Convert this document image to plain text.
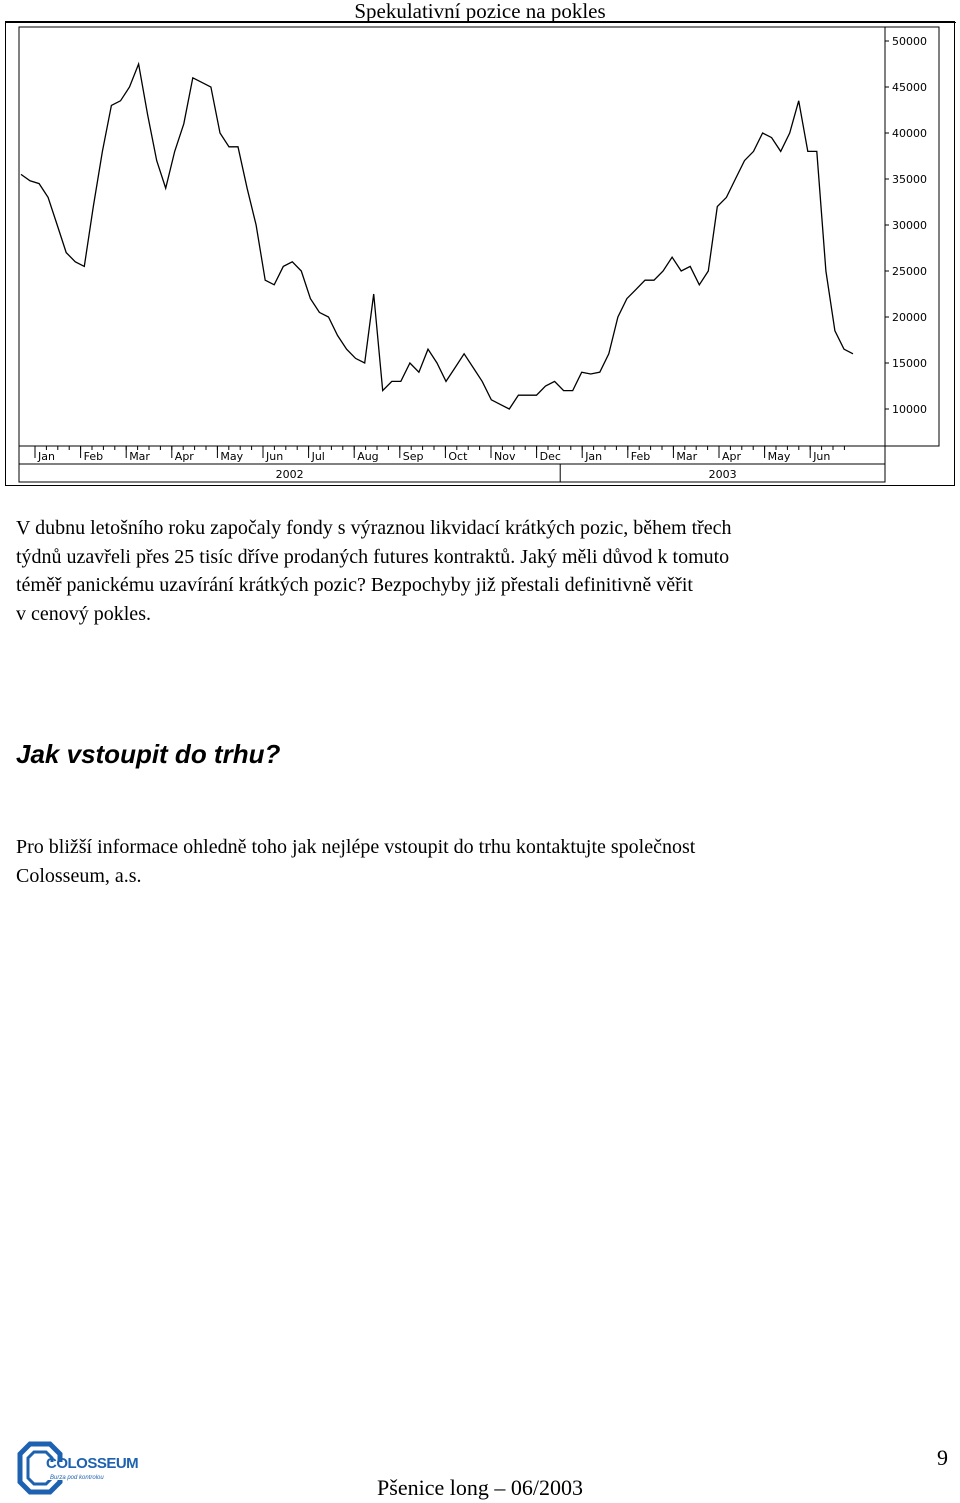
Spekulativní pozice na pokles
50000
45000
40000
35000
30000
25000
20000
15000
10000
Jan	Feb Mar Apr May Jun	Jul	Aug Sep Oct Nov Dec Jan	Feb Mar Apr May Jun
2002	2003

V dubnu letošního roku započaly fondy s výraznou likvidací krátkých pozic, během třech
týdnů uzavřeli přes 25 tisíc dříve prodaných futures kontraktů. Jaký měli důvod k tomuto
téměř panickému uzavírání krátkých pozic? Bezpochyby již přestali definitivně věřit
v cenový pokles.

Jak vstoupit do trhu?

Pro bližší informace ohledně toho jak nejlépe vstoupit do trhu kontaktujte společnost
Colosseum, a.s.

COLOSSEUM
Burza pod kontrolou	Pšenice long – 06/2003
9
